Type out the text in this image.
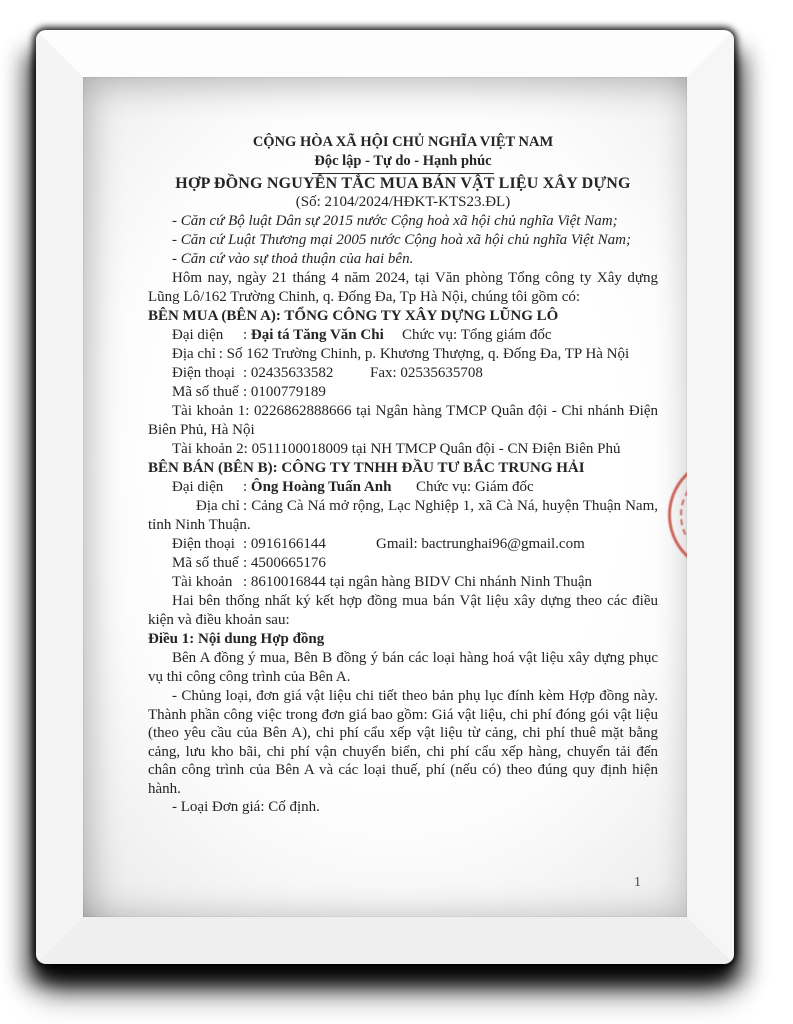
CỘNG HÒA XÃ HỘI CHỦ NGHĨA VIỆT NAM

Độc lập - Tự do - Hạnh phúc

HỢP ĐỒNG NGUYÊN TẮC MUA BÁN VẬT LIỆU XÂY DỰNG

(Số: 2104/2024/HĐKT-KTS23.ĐL)

- Căn cứ Bộ luật Dân sự 2015 nước Cộng hoà xã hội chủ nghĩa Việt Nam;

- Căn cứ Luật Thương mại 2005 nước Cộng hoà xã hội chủ nghĩa Việt Nam;

- Căn cứ vào sự thoả thuận của hai bên.

Hôm nay, ngày 21 tháng 4 năm 2024, tại Văn phòng Tổng công ty Xây dựng Lũng Lô/162 Trường Chinh, q. Đống Đa, Tp Hà Nội, chúng tôi gồm có:

BÊN MUA (BÊN A): TỔNG CÔNG TY XÂY DỰNG LŨNG LÔ

Đại diện : Đại tá Tăng Văn Chi Chức vụ: Tổng giám đốc

Địa chỉ : Số 162 Trường Chinh, p. Khương Thượng, q. Đống Đa, TP Hà Nội

Điện thoại : 02435633582 Fax: 02535635708

Mã số thuế : 0100779189

Tài khoản 1: 0226862888666 tại Ngân hàng TMCP Quân đội - Chi nhánh Điện Biên Phủ, Hà Nội

Tài khoản 2: 0511100018009 tại NH TMCP Quân đội - CN Điện Biên Phủ

BÊN BÁN (BÊN B): CÔNG TY TNHH ĐẦU TƯ BẮC TRUNG HẢI

Đại diện : Ông Hoàng Tuấn Anh Chức vụ: Giám đốc

Địa chỉ : Cảng Cà Ná mở rộng, Lạc Nghiệp 1, xã Cà Ná, huyện Thuận Nam, tỉnh Ninh Thuận.

Điện thoại : 0916166144	Gmail: bactrunghai96@gmail.com

Mã số thuế : 4500665176

Tài khoản : 8610016844 tại ngân hàng BIDV Chi nhánh Ninh Thuận

Hai bên thống nhất ký kết hợp đồng mua bán Vật liệu xây dựng theo các điều kiện và điều khoản sau:

Điều 1: Nội dung Hợp đồng

Bên A đồng ý mua, Bên B đồng ý bán các loại hàng hoá vật liệu xây dựng phục vụ thi công công trình của Bên A.

- Chủng loại, đơn giá vật liệu chi tiết theo bản phụ lục đính kèm Hợp đồng này. Thành phần công việc trong đơn giá bao gồm: Giá vật liệu, chi phí đóng gói vật liệu (theo yêu cầu của Bên A), chi phí cẩu xếp vật liệu từ cảng, chi phí thuê mặt bằng cảng, lưu kho bãi, chi phí vận chuyển biển, chi phí cẩu xếp hàng, chuyển tải đến chân công trình của Bên A và các loại thuế, phí (nếu có) theo đúng quy định hiện hành.

- Loại Đơn giá: Cố định.

1
